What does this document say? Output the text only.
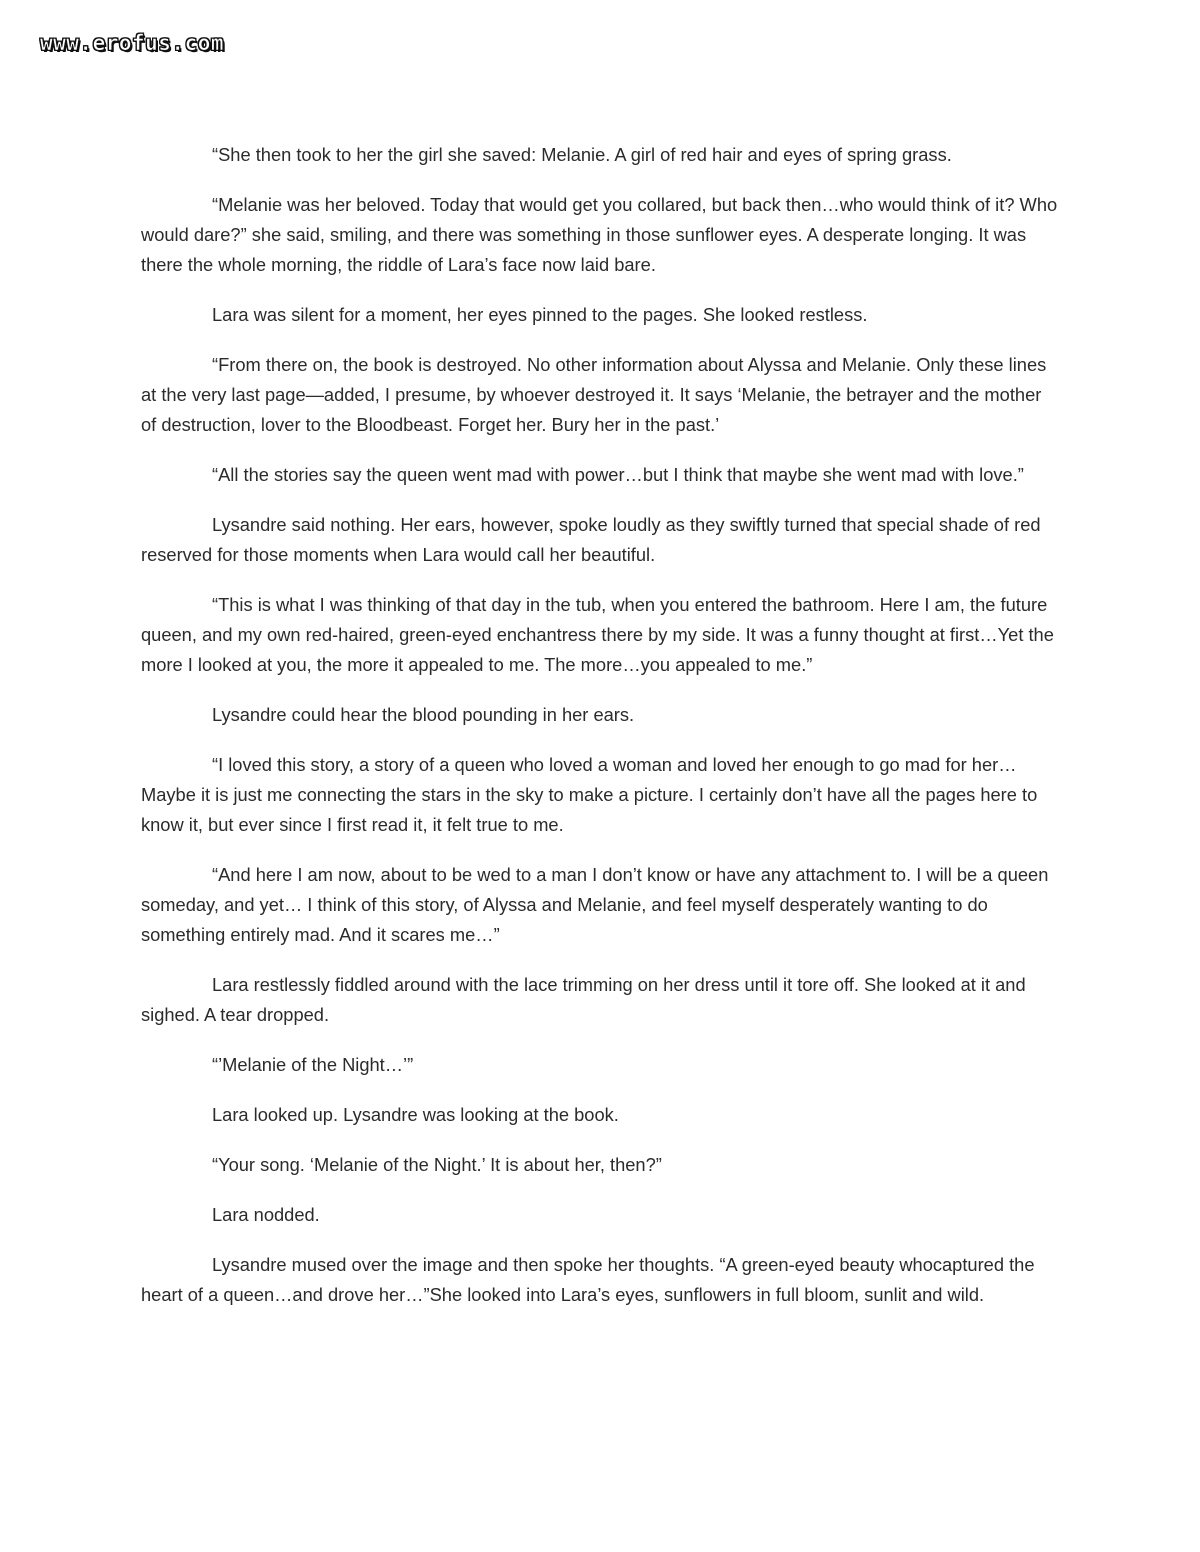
www.erofus.com

“She then took to her the girl she saved: Melanie. A girl of red hair and eyes of spring grass.

“Melanie was her beloved. Today that would get you collared, but back then…who would think of it? Who would dare?” she said, smiling, and there was something in those sunflower eyes. A desperate longing. It was there the whole morning, the riddle of Lara’s face now laid bare.

Lara was silent for a moment, her eyes pinned to the pages. She looked restless.

“From there on, the book is destroyed. No other information about Alyssa and Melanie. Only these lines at the very last page—added, I presume, by whoever destroyed it. It says ‘Melanie, the betrayer and the mother of destruction, lover to the Bloodbeast. Forget her. Bury her in the past.’

“All the stories say the queen went mad with power…but I think that maybe she went mad with love.”

Lysandre said nothing. Her ears, however, spoke loudly as they swiftly turned that special shade of red reserved for those moments when Lara would call her beautiful.

“This is what I was thinking of that day in the tub, when you entered the bathroom. Here I am, the future queen, and my own red-haired, green-eyed enchantress there by my side. It was a funny thought at first…Yet the more I looked at you, the more it appealed to me. The more…you appealed to me.”

Lysandre could hear the blood pounding in her ears.

“I loved this story, a story of a queen who loved a woman and loved her enough to go mad for her… Maybe it is just me connecting the stars in the sky to make a picture. I certainly don’t have all the pages here to know it, but ever since I first read it, it felt true to me.

“And here I am now, about to be wed to a man I don’t know or have any attachment to. I will be a queen someday, and yet… I think of this story, of Alyssa and Melanie, and feel myself desperately wanting to do something entirely mad. And it scares me…”

Lara restlessly fiddled around with the lace trimming on her dress until it tore off. She looked at it and sighed. A tear dropped.

“’Melanie of the Night…’”

Lara looked up. Lysandre was looking at the book.

“Your song. ‘Melanie of the Night.’ It is about her, then?”

Lara nodded.

Lysandre mused over the image and then spoke her thoughts. “A green-eyed beauty whocaptured the heart of a queen…and drove her…”She looked into Lara’s eyes, sunflowers in full bloom, sunlit and wild.
